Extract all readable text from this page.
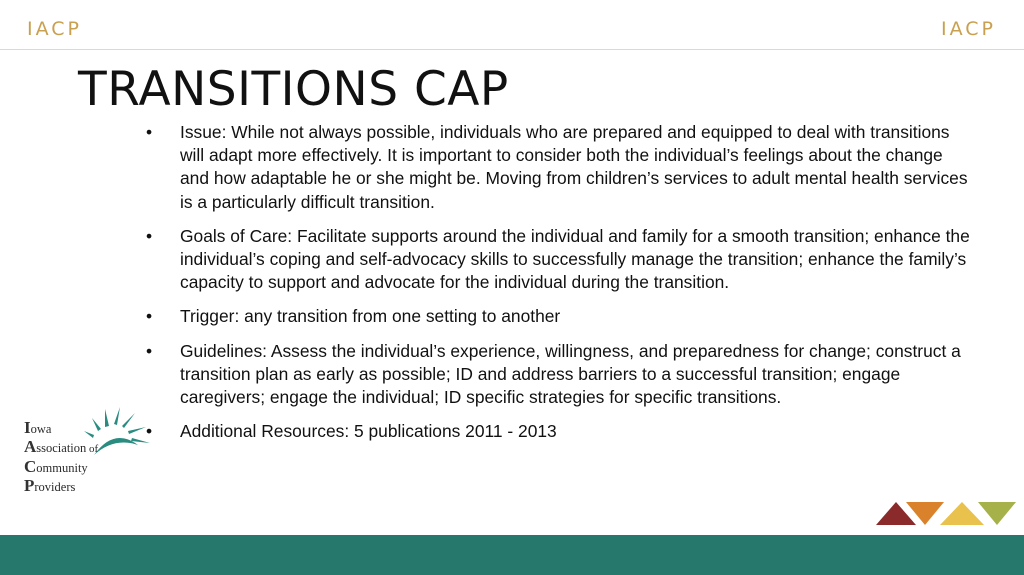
IACP	IACP
TRANSITIONS CAP
• Issue: While not always possible, individuals who are prepared and equipped to deal with transitions will adapt more effectively. It is important to consider both the individual’s feelings about the change and how adaptable he or she might be. Moving from children’s services to adult mental health services is a particularly difficult transition.
• Goals of Care: Facilitate supports around the individual and family for a smooth transition; enhance the individual’s coping and self-advocacy skills to successfully manage the transition; enhance the family’s capacity to support and advocate for the individual during the transition.
• Trigger: any transition from one setting to another
• Guidelines: Assess the individual’s experience, willingness, and preparedness for change; construct a transition plan as early as possible; ID and address barriers to a successful transition; engage caregivers; engage the individual; ID specific strategies for specific transitions.
• Additional Resources: 5 publications 2011 - 2013
Iowa
Association of
Community
Providers
